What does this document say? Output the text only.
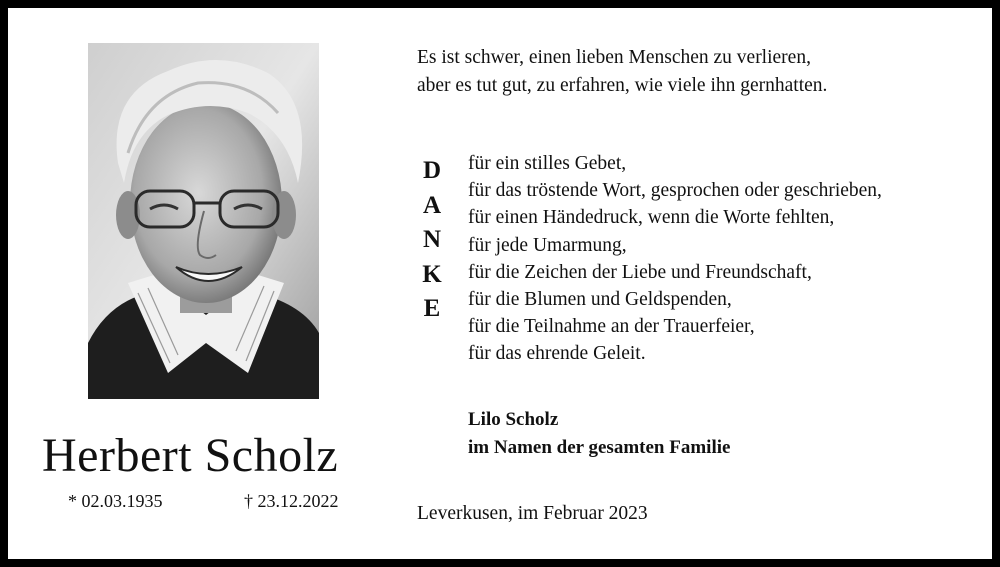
Herbert Scholz
* 02.03.1935	† 23.12.2022
Es ist schwer, einen lieben Menschen zu verlieren,
aber es tut gut, zu erfahren, wie viele ihn gernhatten.
D
A
N
K
E
für ein stilles Gebet,
für das tröstende Wort, gesprochen oder geschrieben,
für einen Händedruck, wenn die Worte fehlten,
für jede Umarmung,
für die Zeichen der Liebe und Freundschaft,
für die Blumen und Geldspenden,
für die Teilnahme an der Trauerfeier,
für das ehrende Geleit.
Lilo Scholz
im Namen der gesamten Familie
Leverkusen, im Februar 2023
